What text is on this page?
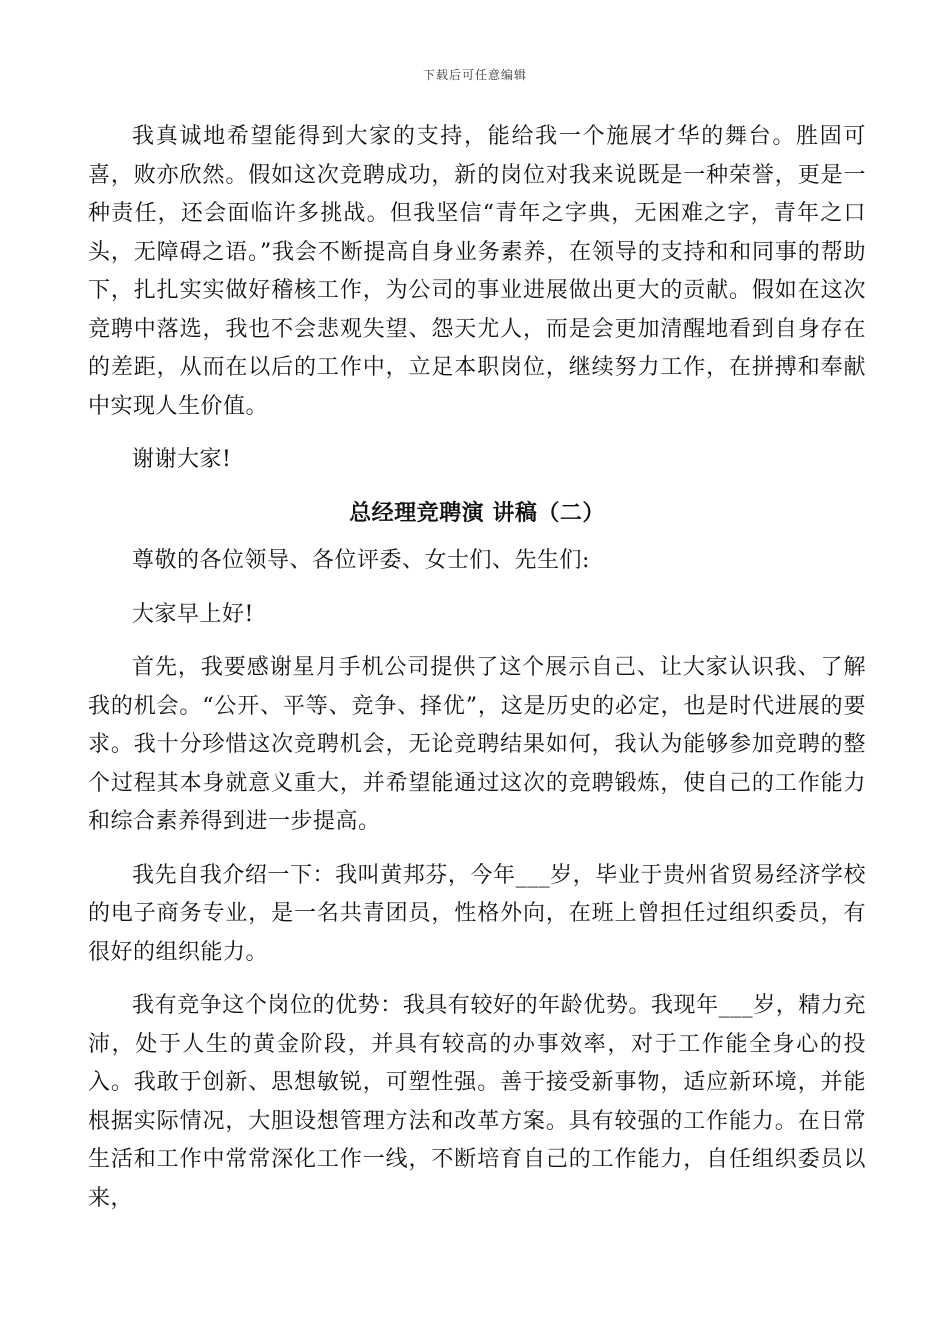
下载后可任意编辑

我真诚地希望能得到大家的支持，能给我一个施展才华的舞台。胜固可喜，败亦欣然。假如这次竞聘成功，新的岗位对我来说既是一种荣誉，更是一种责任，还会面临许多挑战。但我坚信“青年之字典，无困难之字，青年之口头，无障碍之语。”我会不断提高自身业务素养，在领导的支持和和同事的帮助下，扎扎实实做好稽核工作，为公司的事业进展做出更大的贡献。假如在这次竞聘中落选，我也不会悲观失望、怨天尤人，而是会更加清醒地看到自身存在的差距，从而在以后的工作中，立足本职岗位，继续努力工作，在拼搏和奉献中实现人生价值。

谢谢大家!

总经理竞聘演 讲稿（二）

尊敬的各位领导、各位评委、女士们、先生们:

大家早上好!

首先，我要感谢星月手机公司提供了这个展示自己、让大家认识我、了解我的机会。“公开、平等、竞争、择优”，这是历史的必定，也是时代进展的要求。我十分珍惜这次竞聘机会，无论竞聘结果如何，我认为能够参加竞聘的整个过程其本身就意义重大，并希望能通过这次的竞聘锻炼，使自己的工作能力和综合素养得到进一步提高。

我先自我介绍一下：我叫黄邦芬，今年___岁，毕业于贵州省贸易经济学校的电子商务专业，是一名共青团员，性格外向，在班上曾担任过组织委员，有很好的组织能力。

我有竞争这个岗位的优势：我具有较好的年龄优势。我现年___岁，精力充沛，处于人生的黄金阶段，并具有较高的办事效率，对于工作能全身心的投入。我敢于创新、思想敏锐，可塑性强。善于接受新事物，适应新环境，并能根据实际情况，大胆设想管理方法和改革方案。具有较强的工作能力。在日常生活和工作中常常深化工作一线，不断培育自己的工作能力，自任组织委员以来，
